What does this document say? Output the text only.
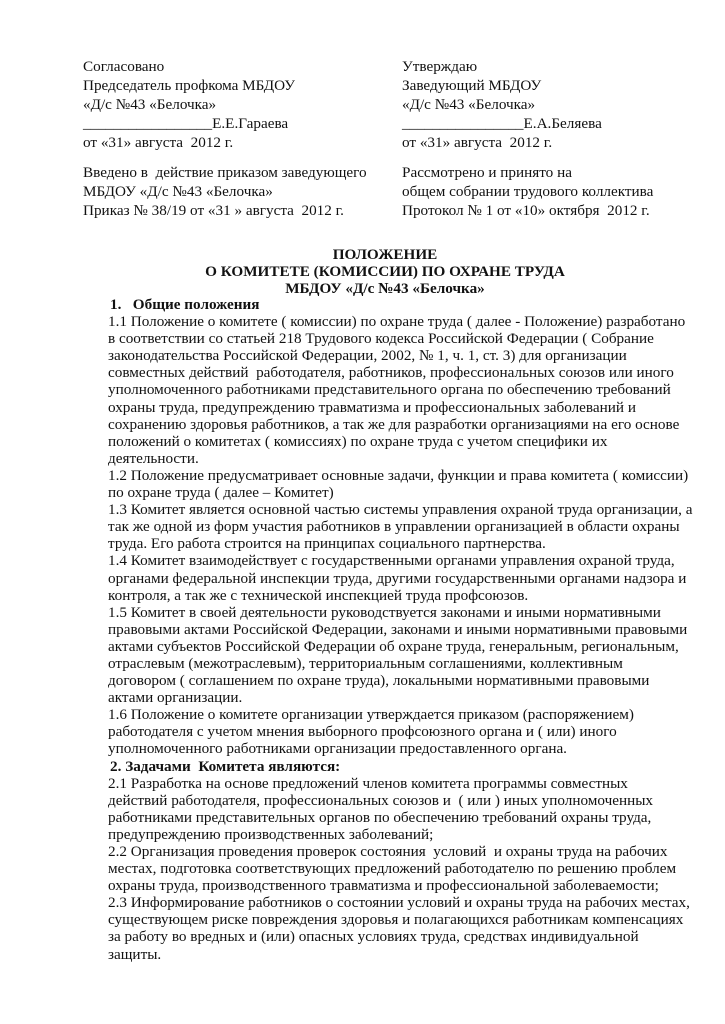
Согласовано
Председатель профкома МБДОУ
«Д/с №43 «Белочка»
_________________Е.Е.Гараева
от «31» августа  2012 г.
Утверждаю
Заведующий МБДОУ
«Д/с №43 «Белочка»
________________Е.А.Беляева
от «31» августа  2012 г.
Введено в  действие приказом заведующего
МБДОУ «Д/с №43 «Белочка»
Приказ № 38/19 от «31 » августа  2012 г.
Рассмотрено и принято на
общем собрании трудового коллектива
Протокол № 1 от «10» октября  2012 г.
ПОЛОЖЕНИЕ
О КОМИТЕТЕ (КОМИССИИ) ПО ОХРАНЕ ТРУДА
МБДОУ «Д/с №43 «Белочка»
1.   Общие положения
1.1 Положение о комитете ( комиссии) по охране труда ( далее - Положение) разработано
в соответствии со статьей 218 Трудового кодекса Российской Федерации ( Собрание
законодательства Российской Федерации, 2002, № 1, ч. 1, ст. 3) для организации
совместных действий  работодателя, работников, профессиональных союзов или иного
уполномоченного работниками представительного органа по обеспечению требований
охраны труда, предупреждению травматизма и профессиональных заболеваний и
сохранению здоровья работников, а так же для разработки организациями на его основе
положений о комитетах ( комиссиях) по охране труда с учетом специфики их
деятельности.
1.2 Положение предусматривает основные задачи, функции и права комитета ( комиссии)
по охране труда ( далее – Комитет)
1.3 Комитет является основной частью системы управления охраной труда организации, а
так же одной из форм участия работников в управлении организацией в области охраны
труда. Его работа строится на принципах социального партнерства.
1.4 Комитет взаимодействует с государственными органами управления охраной труда,
органами федеральной инспекции труда, другими государственными органами надзора и
контроля, а так же с технической инспекцией труда профсоюзов.
1.5 Комитет в своей деятельности руководствуется законами и иными нормативными
правовыми актами Российской Федерации, законами и иными нормативными правовыми
актами субъектов Российской Федерации об охране труда, генеральным, региональным,
отраслевым (межотраслевым), территориальным соглашениями, коллективным
договором ( соглашением по охране труда), локальными нормативными правовыми
актами организации.
1.6 Положение о комитете организации утверждается приказом (распоряжением)
работодателя с учетом мнения выборного профсоюзного органа и ( или) иного
уполномоченного работниками организации предоставленного органа.
2. Задачами  Комитета являются:
2.1 Разработка на основе предложений членов комитета программы совместных
действий работодателя, профессиональных союзов и  ( или ) иных уполномоченных
работниками представительных органов по обеспечению требований охраны труда,
предупреждению производственных заболеваний;
2.2 Организация проведения проверок состояния  условий  и охраны труда на рабочих
местах, подготовка соответствующих предложений работодателю по решению проблем
охраны труда, производственного травматизма и профессиональной заболеваемости;
2.3 Информирование работников о состоянии условий и охраны труда на рабочих местах,
существующем риске повреждения здоровья и полагающихся работникам компенсациях
за работу во вредных и (или) опасных условиях труда, средствах индивидуальной
защиты.
